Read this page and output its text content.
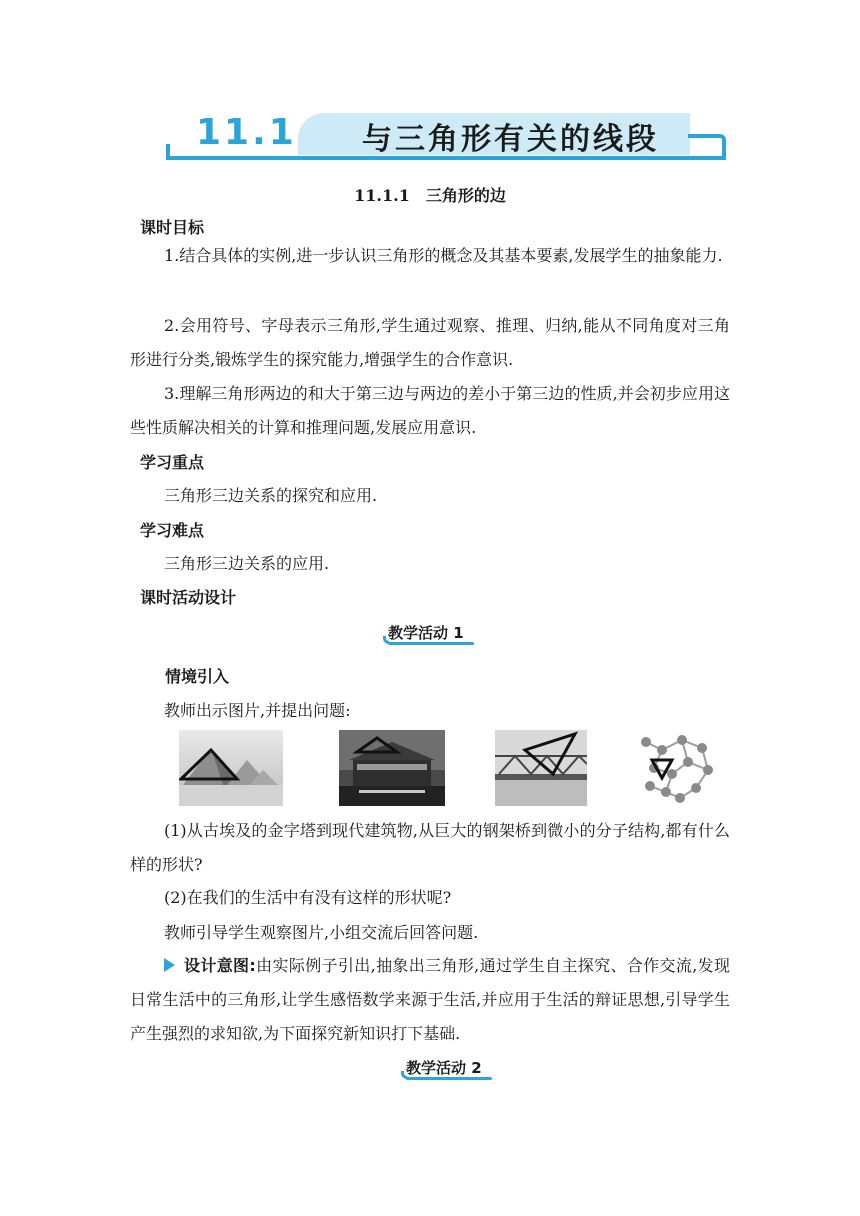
11.1 与三角形有关的线段
11.1.1　三角形的边
课时目标
1.结合具体的实例,进一步认识三角形的概念及其基本要素,发展学生的抽象能力.
2.会用符号、字母表示三角形,学生通过观察、推理、归纳,能从不同角度对三角形进行分类,锻炼学生的探究能力,增强学生的合作意识.
3.理解三角形两边的和大于第三边与两边的差小于第三边的性质,并会初步应用这些性质解决相关的计算和推理问题,发展应用意识.
学习重点
三角形三边关系的探究和应用.
学习难点
三角形三边关系的应用.
课时活动设计
教学活动 1
情境引入
教师出示图片,并提出问题:
(1)从古埃及的金字塔到现代建筑物,从巨大的钢架桥到微小的分子结构,都有什么样的形状?
(2)在我们的生活中有没有这样的形状呢?
教师引导学生观察图片,小组交流后回答问题.
设计意图:由实际例子引出,抽象出三角形,通过学生自主探究、合作交流,发现日常生活中的三角形,让学生感悟数学来源于生活,并应用于生活的辩证思想,引导学生产生强烈的求知欲,为下面探究新知识打下基础.
教学活动 2
